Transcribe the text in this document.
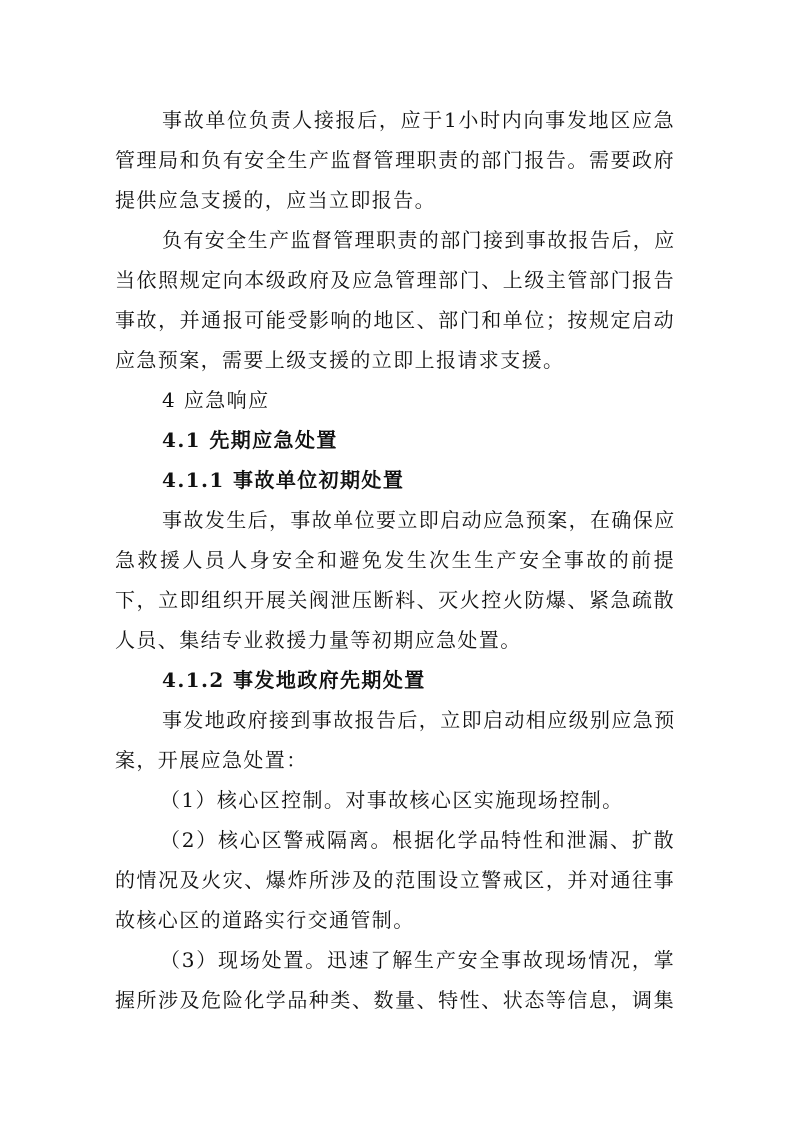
事故单位负责人接报后，应于1小时内向事发地区应急

管理局和负有安全生产监督管理职责的部门报告。需要政府

提供应急支援的，应当立即报告。

负有安全生产监督管理职责的部门接到事故报告后，应

当依照规定向本级政府及应急管理部门、上级主管部门报告

事故，并通报可能受影响的地区、部门和单位；按规定启动

应急预案，需要上级支援的立即上报请求支援。

4 应急响应

4.1 先期应急处置

4.1.1 事故单位初期处置

事故发生后，事故单位要立即启动应急预案，在确保应

急救援人员人身安全和避免发生次生生产安全事故的前提

下，立即组织开展关阀泄压断料、灭火控火防爆、紧急疏散

人员、集结专业救援力量等初期应急处置。

4.1.2 事发地政府先期处置

事发地政府接到事故报告后，立即启动相应级别应急预

案，开展应急处置：

（1）核心区控制。对事故核心区实施现场控制。

（2）核心区警戒隔离。根据化学品特性和泄漏、扩散

的情况及火灾、爆炸所涉及的范围设立警戒区，并对通往事

故核心区的道路实行交通管制。

（3）现场处置。迅速了解生产安全事故现场情况，掌

握所涉及危险化学品种类、数量、特性、状态等信息，调集
